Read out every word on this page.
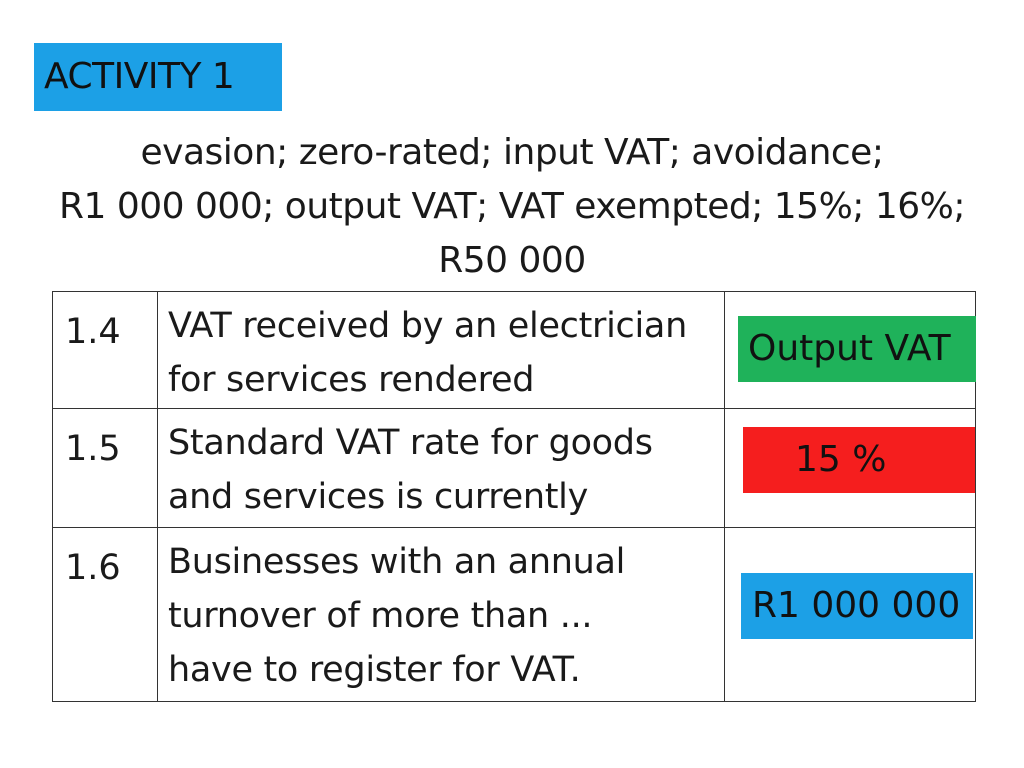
ACTIVITY 1
evasion; zero-rated; input VAT; avoidance;
R1 000 000; output VAT; VAT exempted; 15%; 16%;
R50 000
1.4	VAT received by an electrician
for services rendered	Output VAT

1.5	Standard VAT rate for goods
and services is currently	15 %

1.6	Businesses with an annual
turnover of more than ...
have to register for VAT.	R1 000 000
